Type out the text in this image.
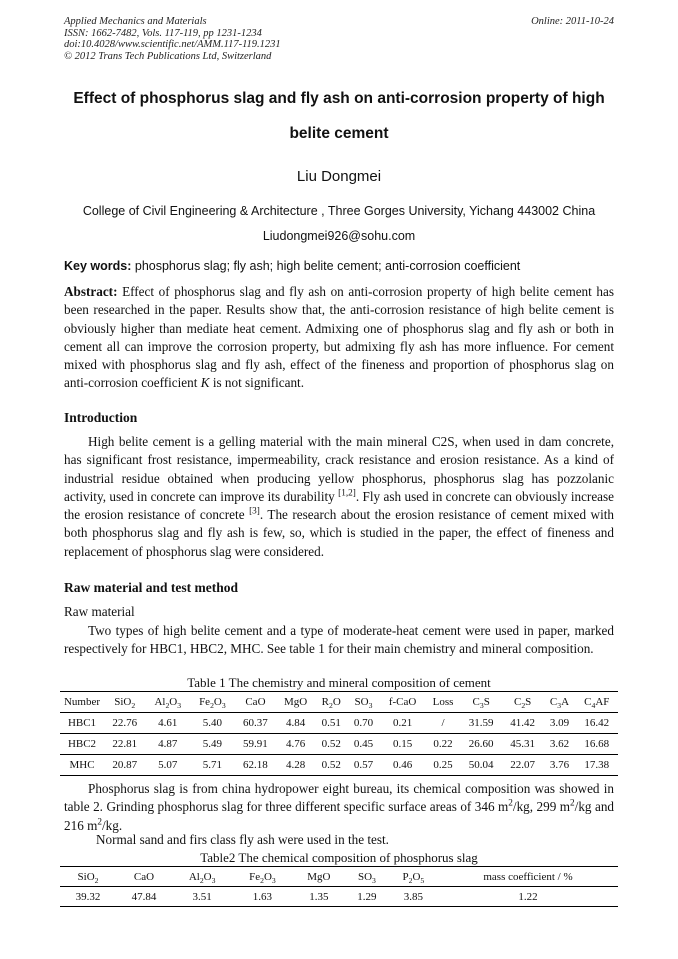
Applied Mechanics and Materials
ISSN: 1662-7482, Vols. 117-119, pp 1231-1234
doi:10.4028/www.scientific.net/AMM.117-119.1231
© 2012 Trans Tech Publications Ltd, Switzerland
Online: 2011-10-24
Effect of phosphorus slag and fly ash on anti-corrosion property of high
belite cement
Liu Dongmei
College of Civil Engineering & Architecture , Three Gorges University, Yichang 443002 China
Liudongmei926@sohu.com
Key words: phosphorus slag; fly ash; high belite cement; anti-corrosion coefficient
Abstract: Effect of phosphorus slag and fly ash on anti-corrosion property of high belite cement has been researched in the paper. Results show that, the anti-corrosion resistance of high belite cement is obviously higher than mediate heat cement. Admixing one of phosphorus slag and fly ash or both in cement all can improve the corrosion property, but admixing fly ash has more influence. For cement mixed with phosphorus slag and fly ash, effect of the fineness and proportion of phosphorus slag on anti-corrosion coefficient K is not significant.
Introduction
High belite cement is a gelling material with the main mineral C2S, when used in dam concrete, has significant frost resistance, impermeability, crack resistance and erosion resistance. As a kind of industrial residue obtained when producing yellow phosphorus, phosphorus slag has pozzolanic activity, used in concrete can improve its durability [1,2]. Fly ash used in concrete can obviously increase the erosion resistance of concrete [3]. The research about the erosion resistance of cement mixed with both phosphorus slag and fly ash is few, so, which is studied in the paper, the effect of fineness and replacement of phosphorus slag were considered.
Raw material and test method
Raw material
Two types of high belite cement and a type of moderate-heat cement were used in paper, marked respectively for HBC1, HBC2, MHC. See table 1 for their main chemistry and mineral composition.
Table 1 The chemistry and mineral composition of cement
Number	SiO$_2$	$Al_2O_3$	$Fe_2O_3$	CaO	MgO	$R_2O$	$SO_3$	f-CaO	Loss	$C_3S$	$C_2S$	$C_3A$	$C_4AF$
HBC1	22.76	4.61	5.40	60.37	4.84	0.51	0.70	0.21	/	31.59	41.42	3.09	16.42
HBC2	22.81	4.87	5.49	59.91	4.76	0.52	0.45	0.15	0.22	26.60	45.31	3.62	16.68
MHC	20.87	5.07	5.71	62.18	4.28	0.52	0.57	0.46	0.25	50.04	22.07	3.76	17.38
Phosphorus slag is from china hydropower eight bureau, its chemical composition was showed in table 2. Grinding phosphorus slag for three different specific surface areas of 346 $m^2/kg$, 299 $m^2/kg$ and 216 $m^2/kg$.
Normal sand and firs class fly ash were used in the test.
Table2 The chemical composition of phosphorus slag
SiO$_2$	CaO	$Al_2O_3$	$Fe_2O_3$	MgO	$SO_3$	$P_2O_5$	mass coefficient / %
39.32	47.84	3.51	1.63	1.35	1.29	3.85	1.22
